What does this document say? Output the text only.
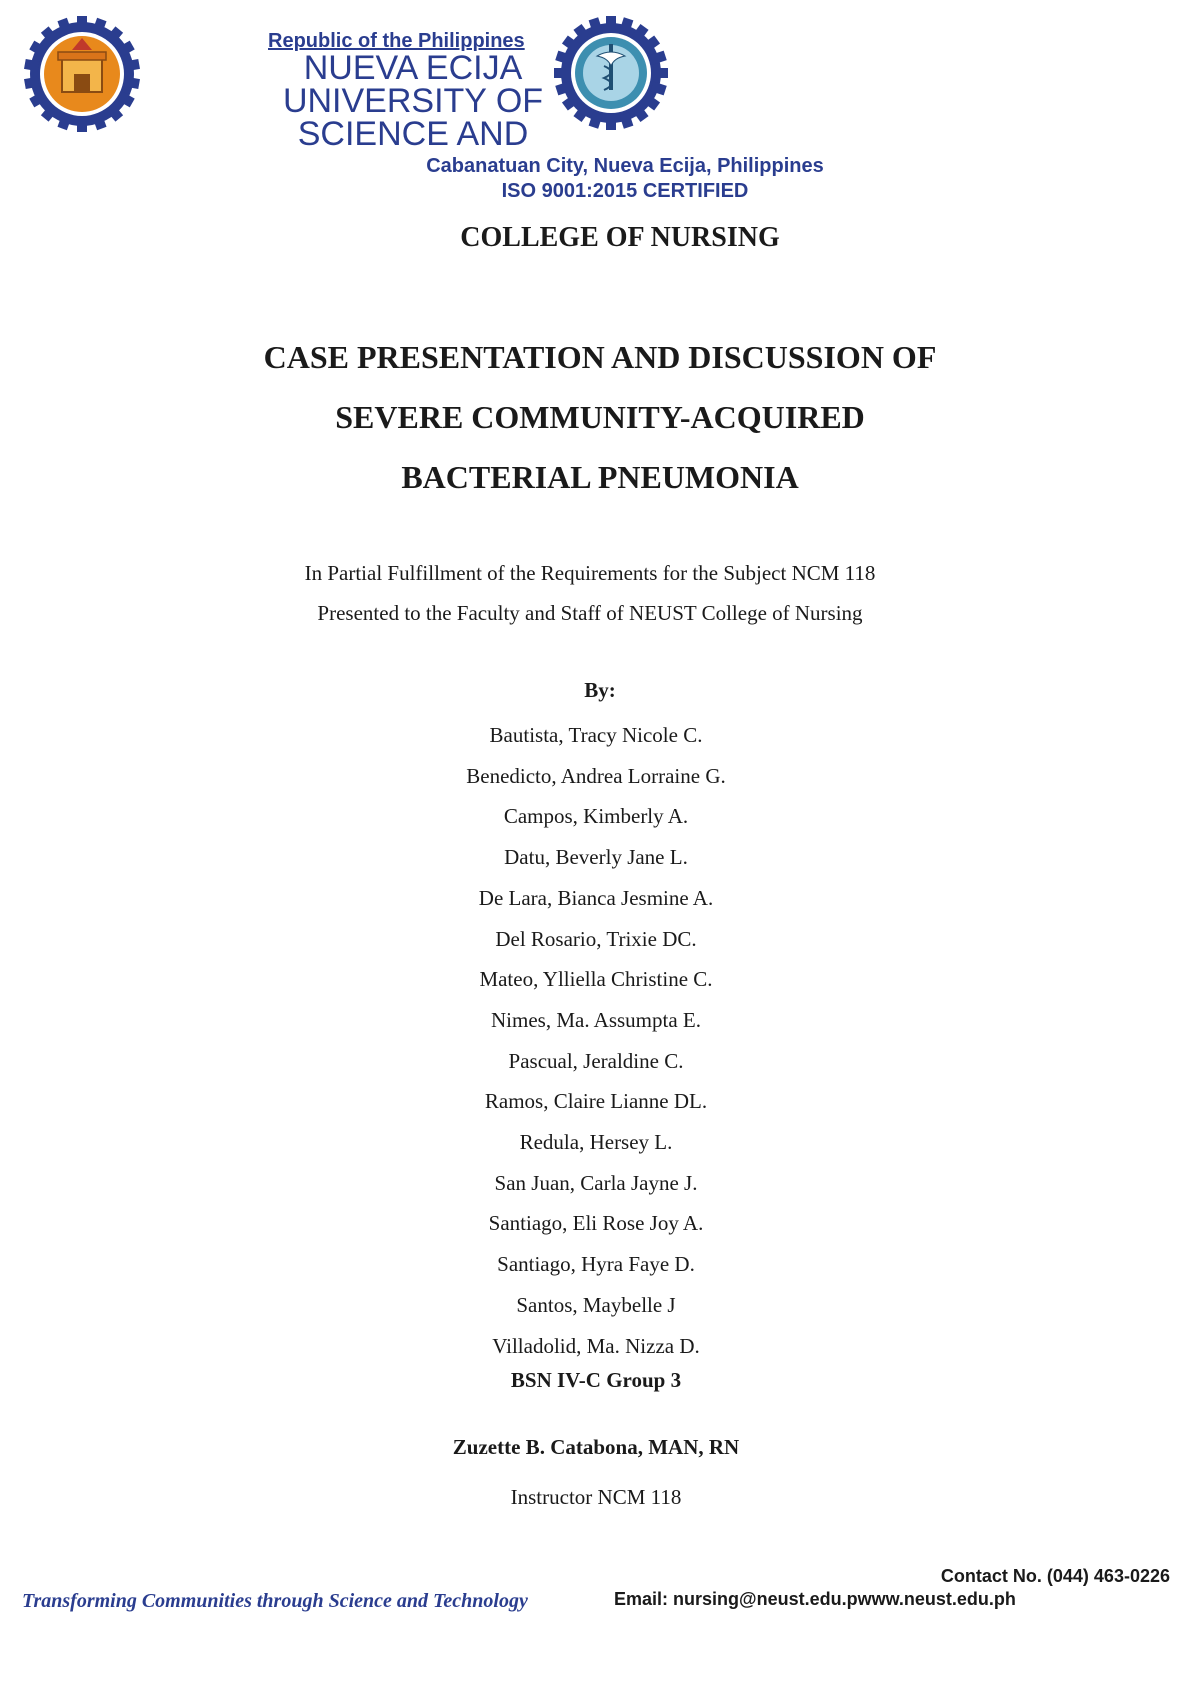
Republic of the Philippines
NUEVA ECIJA
UNIVERSITY OF
SCIENCE AND
Cabanatuan City, Nueva Ecija, Philippines
ISO 9001:2015 CERTIFIED
COLLEGE OF NURSING
CASE PRESENTATION AND DISCUSSION OF
SEVERE COMMUNITY-ACQUIRED
BACTERIAL PNEUMONIA
In Partial Fulfillment of the Requirements for the Subject NCM 118
Presented to the Faculty and Staff of NEUST College of Nursing
By:
Bautista, Tracy Nicole C.
Benedicto, Andrea Lorraine G.
Campos, Kimberly A.
Datu, Beverly Jane L.
De Lara, Bianca Jesmine A.
Del Rosario, Trixie DC.
Mateo, Ylliella Christine C.
Nimes, Ma. Assumpta E.
Pascual, Jeraldine C.
Ramos, Claire Lianne DL.
Redula, Hersey L.
San Juan, Carla Jayne J.
Santiago, Eli Rose Joy A.
Santiago, Hyra Faye D.
Santos, Maybelle J
Villadolid, Ma. Nizza D.
BSN IV-C Group 3
Zuzette B. Catabona, MAN, RN
Instructor NCM 118
Transforming Communities through Science and Technology
Contact No. (044) 463-0226
Email: nursing@neust.edu.pwww.neust.edu.ph
